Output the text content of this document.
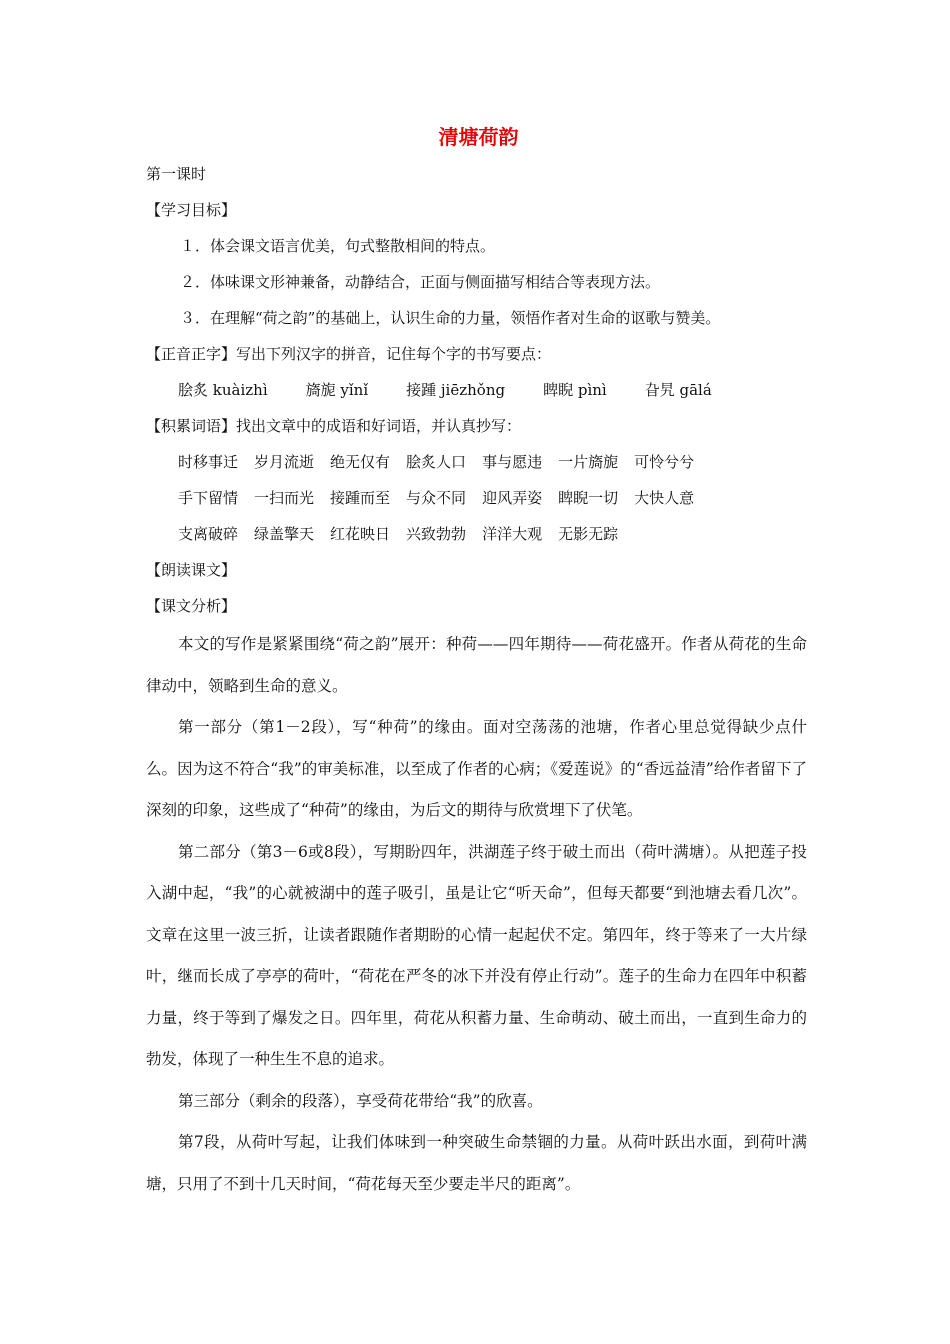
清塘荷韵
第一课时
【学习目标】
１．体会课文语言优美，句式整散相间的特点。
２．体味课文形神兼备，动静结合，正面与侧面描写相结合等表现方法。
３．在理解“荷之韵”的基础上，认识生命的力量，领悟作者对生命的讴歌与赞美。
【正音正字】写出下列汉字的拼音，记住每个字的书写要点：
脍炙 kuàizhì	旖旎 yǐnǐ	接踵 jiēzhǒng	睥睨 pìnì	旮旯 gālá
【积累词语】找出文章中的成语和好词语，并认真抄写：
时移事迁 岁月流逝 绝无仅有 脍炙人口 事与愿违 一片旖旎 可怜兮兮
手下留情 一扫而光 接踵而至 与众不同 迎风弄姿 睥睨一切 大快人意
支离破碎 绿盖擎天 红花映日 兴致勃勃 洋洋大观 无影无踪
【朗读课文】
【课文分析】

本文的写作是紧紧围绕“荷之韵”展开：种荷——四年期待——荷花盛开。作者从荷花的生命律动中，领略到生命的意义。

第一部分（第1－2段），写“种荷”的缘由。面对空荡荡的池塘，作者心里总觉得缺少点什么。因为这不符合“我”的审美标准，以至成了作者的心病；《爱莲说》的“香远益清”给作者留下了深刻的印象，这些成了“种荷”的缘由，为后文的期待与欣赏埋下了伏笔。

第二部分（第3－6或8段），写期盼四年，洪湖莲子终于破土而出（荷叶满塘）。从把莲子投入湖中起，“我”的心就被湖中的莲子吸引，虽是让它“听天命”，但每天都要“到池塘去看几次”。文章在这里一波三折，让读者跟随作者期盼的心情一起起伏不定。第四年，终于等来了一大片绿叶，继而长成了亭亭的荷叶，“荷花在严冬的冰下并没有停止行动”。莲子的生命力在四年中积蓄力量，终于等到了爆发之日。四年里，荷花从积蓄力量、生命萌动、破土而出，一直到生命力的勃发，体现了一种生生不息的追求。

第三部分（剩余的段落），享受荷花带给“我”的欣喜。

第7段，从荷叶写起，让我们体味到一种突破生命禁锢的力量。从荷叶跃出水面，到荷叶满塘，只用了不到十几天时间，“荷花每天至少要走半尺的距离”。
